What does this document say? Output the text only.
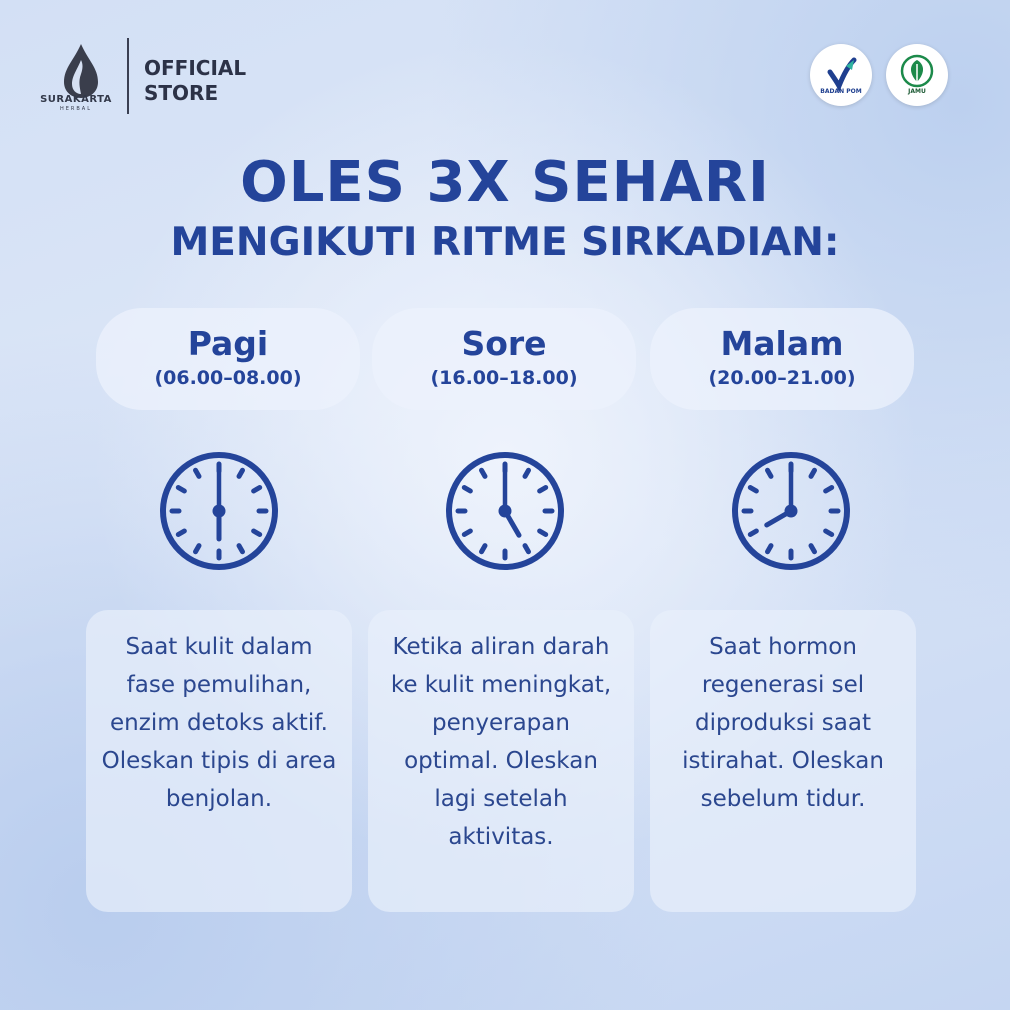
SURAKARTA
HERBAL
OFFICIAL
STORE	BADAN POM	JAMU
OLES 3X SEHARI
MENGIKUTI RITME SIRKADIAN:
Pagi
(06.00–08.00)

Saat kulit dalam fase pemulihan, enzim detoks aktif. Oleskan tipis di area benjolan.

Sore
(16.00–18.00)

Ketika aliran darah ke kulit meningkat, penyerapan optimal. Oleskan lagi setelah aktivitas.

Malam
(20.00–21.00)

Saat hormon regenerasi sel diproduksi saat istirahat. Oleskan sebelum tidur.
